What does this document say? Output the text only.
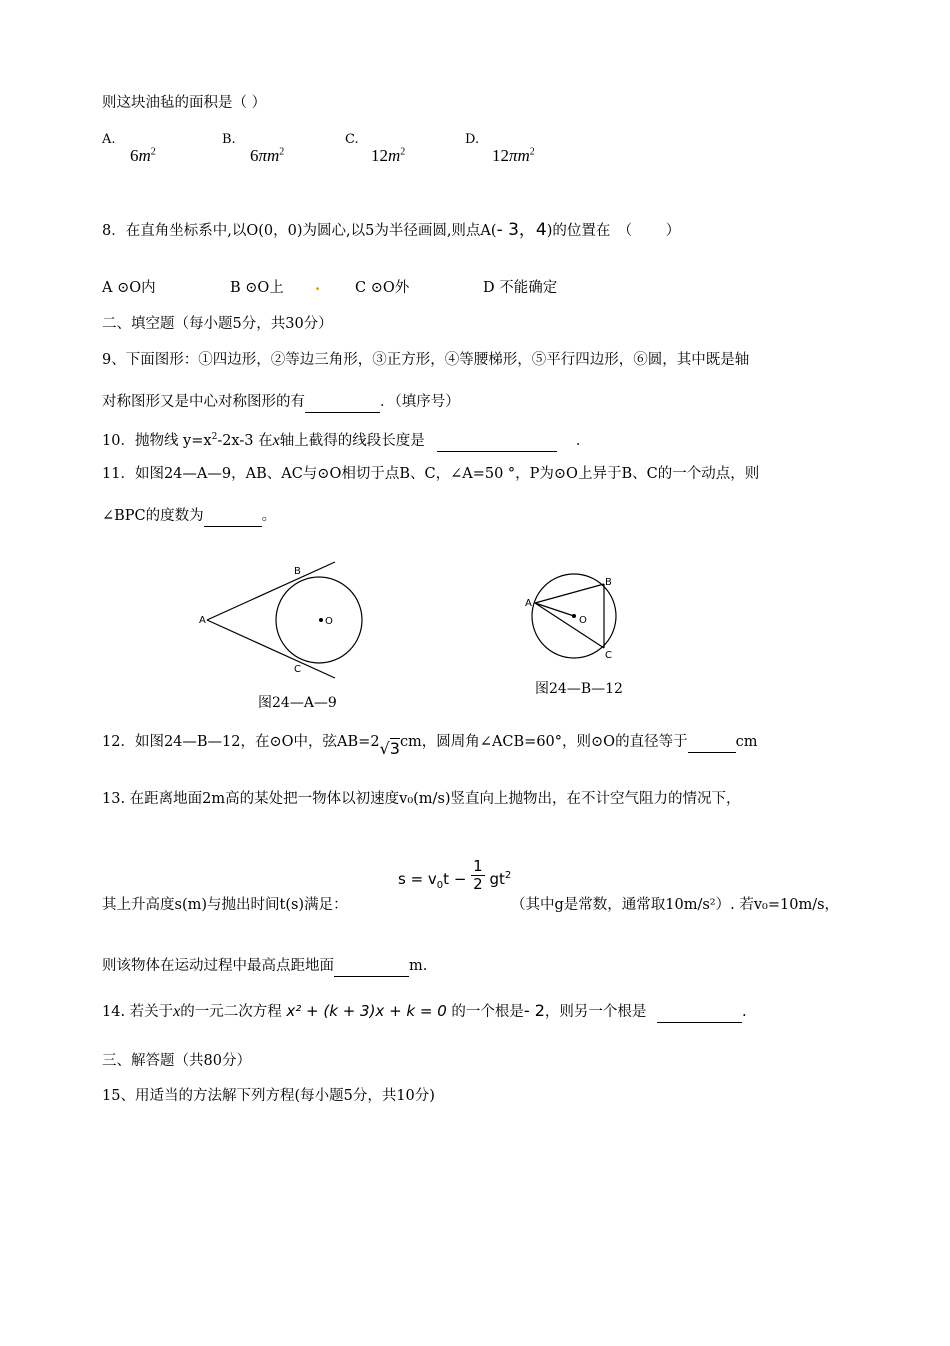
则这块油毡的面积是（ ）
A.
$6m^2$
B.
$6\pi m^2$
C.
$12m^2$
D.
$12\pi m^2$
8．在直角坐标系中,以O(0，0)为圆心,以5为半径画圆,则点A(- 3，4)的位置在　（　　 ）
A ⊙O内	B ⊙O上 . C ⊙O外	D 不能确定
二、填空题（每小题5分，共30分）
9、下面图形：①四边形，②等边三角形，③正方形，④等腰梯形，⑤平行四边形，⑥圆，其中既是轴
对称图形又是中心对称图形的有	．（填序号）
10．抛物线 $y=x^2-2x-3$ 在x轴上截得的线段长度是	．
11．如图24—A—9，AB、AC与⊙O相切于点B、C，∠A=50 °，P为⊙O上异于B、C的一个动点，则
∠BPC的度数为	。
A
B
C
O
图24—A—9
A
B
C
O
图24—B—12
12．如图24—B—12，在⊙O中，弦AB=2√3cm，圆周角∠ACB=60°，则⊙O的直径等于	cm
13. 在距离地面2m高的某处把一物体以初速度v₀(m/s)竖直向上抛物出，在不计空气阻力的情况下，
$s = v_0t - \frac{1}{2} gt^2$
其上升高度s(m)与抛出时间t(s)满足：	（其中g是常数，通常取10m/s²）. 若v₀=10m/s，
则该物体在运动过程中最高点距地面	m.
14. 若关于x的一元二次方程 x² + (k + 3)x + k = 0 的一个根是- 2，则另一个根是	.
三、解答题（共80分）
15、用适当的方法解下列方程(每小题5分，共10分)
